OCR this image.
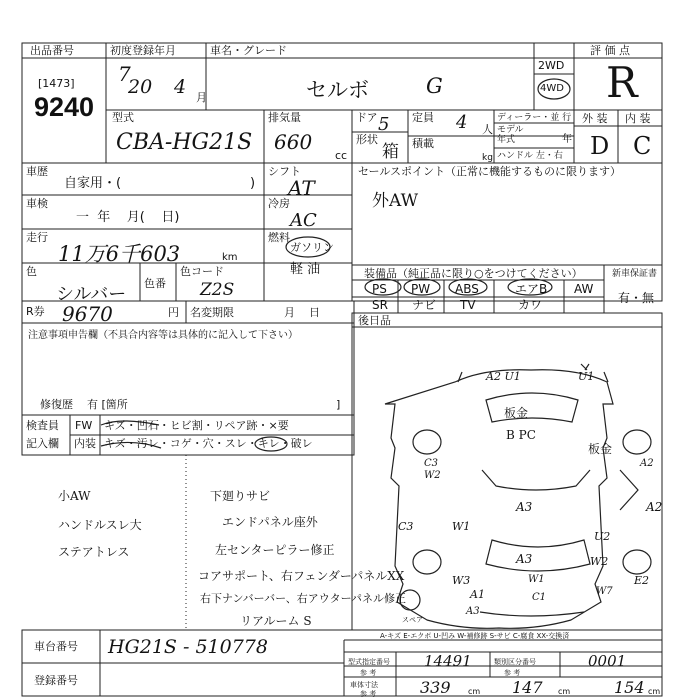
出品番号
[1473]
9240
初度登録年月
7
20 4 月
車名・グレード
セルボ	G
2WD
4WD
評 価 点
R
外 装 内 装
D C
型式
CBA-HG21S
排気量
660
cc
ドア 5
形状
箱
定員 4 人
積載
kg
ディーラー・並 行
モデル年式	年
ハンドル 左・右
車歴
自家用・(	)
シフト
AT
車検
一  年    月(    日)
冷房
AC
走行
11万6千603	km
燃料
ガソリン
軽 油
色
シルバー
色番
色コード
Z2S
R券 9670	円 名変期限	月    日
セールスポイント（正常に機能するものに限ります）
外AW
装備品（純正品に限り○をつけてください）	新車保証書
有・無
PS PW ABS	エアB AW
SR ナビ TV	カワ
後日品
注意事項申告欄（不具合内容等は具体的に記入して下さい）
修復歴    有 [箇所	]
検査員
記入欄
FW キズ・凹石・ヒビ割・リペア跡・×要
内装 キズ・汚レ・コゲ・穴・スレ・キレ・破レ
小AW
ハンドルスレ大
ステアトレス
下廻りサビ
エンドパネル座外
左センターピラー修正
コアサポート、右フェンダーパネルXX
右下ナンバーバー、右アウターパネル修正
リアルーム S
A2 U1	U1
板金
B PC
板金
C3
W2
A2
A3	A2
C3	W1
U2
A3	W2
W3	W1	E2
A1	C1
W7
A3
スペア
A-キズ E-エクボ U-凹み W-補修跡 S-サビ C-腐食 XX-交換済
型式指定番号
参 考
14491	類別区分番号
参 考
0001
車体寸法
参 考	339 cm 147 cm	154 cm
車台番号 HG21S - 510778
登録番号
